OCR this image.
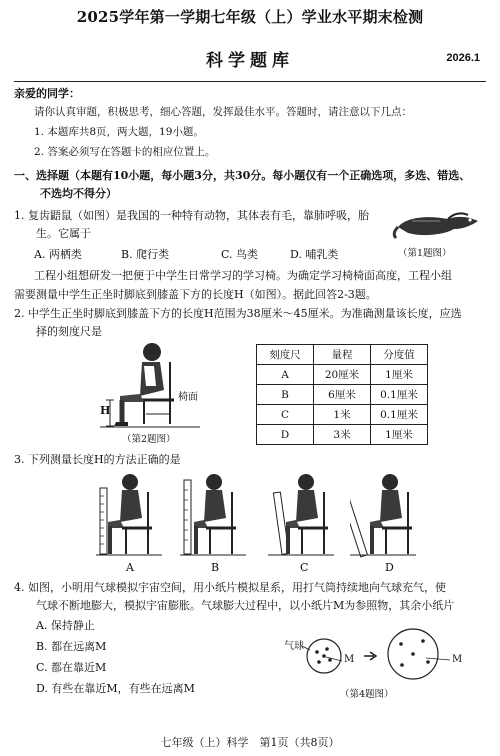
2025学年第一学期七年级（上）学业水平期末检测
科学题库	2026.1
亲爱的同学：
请你认真审题，积极思考，细心答题，发挥最佳水平。答题时，请注意以下几点：
1. 本题库共8页，两大题，19小题。
2. 答案必须写在答题卡的相应位置上。
一、选择题（本题有10小题，每小题3分，共30分。每小题仅有一个正确选项，多选、错选、
不选均不得分）
1. 复齿鼯鼠（如图）是我国的一种特有动物，其体表有毛，靠肺呼吸，胎
生。它属于
A. 两栖类	B. 爬行类	C. 鸟类	D. 哺乳类	（第1题图）
工程小组想研发一把便于中学生日常学习的学习椅。为确定学习椅椅面高度，工程小组
需要测量中学生正坐时脚底到膝盖下方的长度H（如图）。据此回答2-3题。
2. 中学生正坐时脚底到膝盖下方的长度H范围为38厘米～45厘米。为准确测量该长度，应选
择的刻度尺是
H
椅面
（第2题图）
刻度尺	量程	分度值
A	20厘米	1厘米
B	6厘米	0.1厘米
C	1米	0.1厘米
D	3米	1厘米
3. 下列测量长度H的方法正确的是
A	B	C	D
4. 如图，小明用气球模拟宇宙空间，用小纸片模拟星系，用打气筒持续地向气球充气，使
气球不断地膨大，模拟宇宙膨胀。气球膨大过程中，以小纸片M为参照物，其余小纸片
A. 保持静止
B. 都在远离M
C. 都在靠近M
D. 有些在靠近M，有些在远离M
气球
M	M
（第4题图）
七年级（上）科学　第1页（共8页）
